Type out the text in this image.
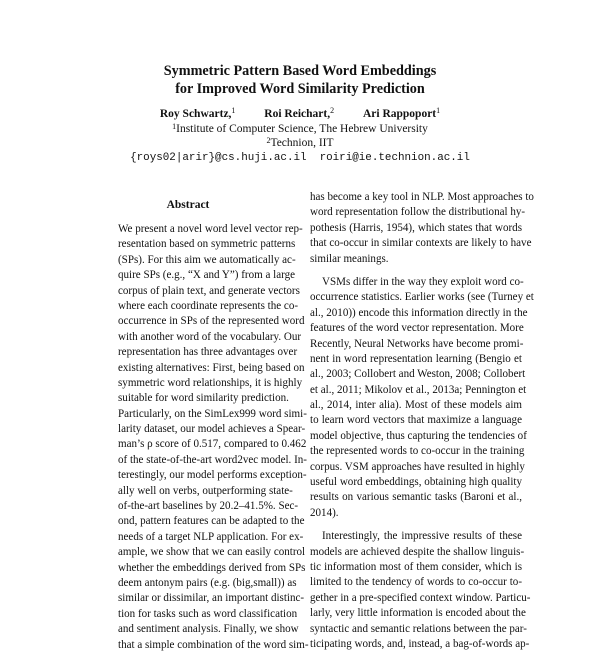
Symmetric Pattern Based Word Embeddings
for Improved Word Similarity Prediction
Roy Schwartz,$^1$	Roi Reichart,$^2$	Ari Rappoport$^1$
$^1$Institute of Computer Science, The Hebrew University
$^2$Technion, IIT
{roys02|arir}@cs.huji.ac.il roiri@ie.technion.ac.il
Abstract
We present a novel word level vector rep-
resentation based on symmetric patterns
(SPs). For this aim we automatically ac-
quire SPs (e.g., “X and Y”) from a large
corpus of plain text, and generate vectors
where each coordinate represents the co-
occurrence in SPs of the represented word
with another word of the vocabulary. Our
representation has three advantages over
existing alternatives: First, being based on
symmetric word relationships, it is highly
suitable for word similarity prediction.
Particularly, on the SimLex999 word simi-
larity dataset, our model achieves a Spear-
man’s ρ score of 0.517, compared to 0.462
of the state-of-the-art word2vec model. In-
terestingly, our model performs exception-
ally well on verbs, outperforming state-
of-the-art baselines by 20.2–41.5%. Sec-
ond, pattern features can be adapted to the
needs of a target NLP application. For ex-
ample, we show that we can easily control
whether the embeddings derived from SPs
deem antonym pairs (e.g. (big,small)) as
similar or dissimilar, an important distinc-
tion for tasks such as word classification
and sentiment analysis. Finally, we show
that a simple combination of the word sim-
has become a key tool in NLP. Most approaches to
word representation follow the distributional hy-
pothesis (Harris, 1954), which states that words
that co-occur in similar contexts are likely to have
similar meanings.
VSMs differ in the way they exploit word co-
occurrence statistics. Earlier works (see (Turney et
al., 2010)) encode this information directly in the
features of the word vector representation. More
Recently, Neural Networks have become promi-
nent in word representation learning (Bengio et
al., 2003; Collobert and Weston, 2008; Collobert
et al., 2011; Mikolov et al., 2013a; Pennington et
al., 2014, inter alia). Most of these models aim
to learn word vectors that maximize a language
model objective, thus capturing the tendencies of
the represented words to co-occur in the training
corpus. VSM approaches have resulted in highly
useful word embeddings, obtaining high quality
results on various semantic tasks (Baroni et al.,
2014).
Interestingly, the impressive results of these
models are achieved despite the shallow linguis-
tic information most of them consider, which is
limited to the tendency of words to co-occur to-
gether in a pre-specified context window. Particu-
larly, very little information is encoded about the
syntactic and semantic relations between the par-
ticipating words, and, instead, a bag-of-words ap-
